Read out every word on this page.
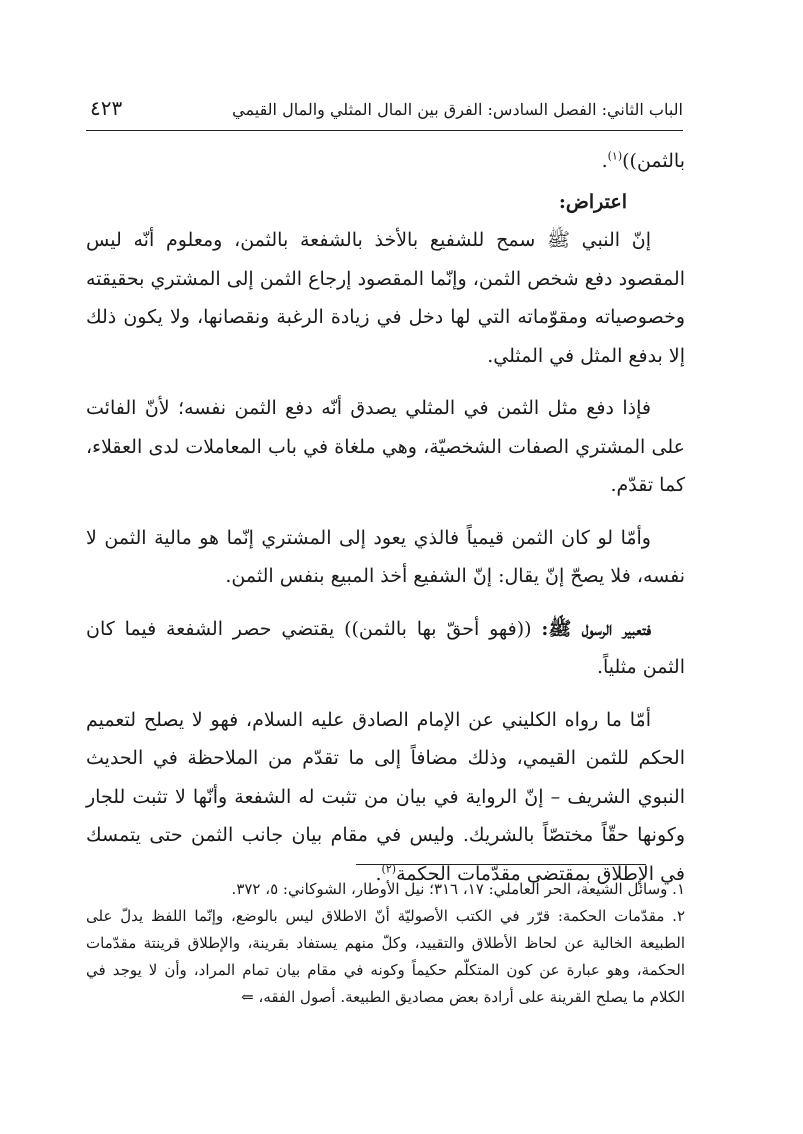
الباب الثاني: الفصل السادس: الفرق بين المال المثلي والمال القيمي
٤٢٣

بالثمن))$^{(١)}$.

اعتراض:

إنّ النبي ﷺ سمح للشفيع بالأخذ بالشفعة بالثمن، ومعلوم أنّه ليس المقصود دفع شخص الثمن، وإنّما المقصود إرجاع الثمن إلى المشتري بحقيقته وخصوصياته ومقوّماته التي لها دخل في زيادة الرغبة ونقصانها، ولا يكون ذلك إلا بدفع المثل في المثلي.

فإذا دفع مثل الثمن في المثلي يصدق أنّه دفع الثمن نفسه؛ لأنّ الفائت على المشتري الصفات الشخصيّة، وهي ملغاة في باب المعاملات لدى العقلاء، كما تقدّم.

وأمّا لو كان الثمن قيمياً فالذي يعود إلى المشتري إنّما هو مالية الثمن لا نفسه، فلا يصحّ إنّ يقال: إنّ الشفيع أخذ المبيع بنفس الثمن.

فتعبير الرسول ﷺ: ((فهو أحقّ بها بالثمن)) يقتضي حصر الشفعة فيما كان الثمن مثلياً.

أمّا ما رواه الكليني عن الإمام الصادق عليه السلام، فهو لا يصلح لتعميم الحكم للثمن القيمي، وذلك مضافاً إلى ما تقدّم من الملاحظة في الحديث النبوي الشريف – إنّ الرواية في بيان من تثبت له الشفعة وأنّها لا تثبت للجار وكونها حقّاً مختصّاً بالشريك. وليس في مقام بيان جانب الثمن حتى يتمسك في الإطلاق بمقتضى مقدّمات الحكمة$^{(٢)}$.

١. وسائل الشيعة، الحر العاملي: ١٧، ٣١٦؛ نيل الأوطار، الشوكاني: ٥، ٣٧٢.

٢. مقدّمات الحكمة: قرّر في الكتب الأصوليّة أنّ الاطلاق ليس بالوضع، وإنّما اللفظ يدلّ على الطبيعة الخالية عن لحاظ الأطلاق والتقييد، وكلّ منهم يستفاد بقرينة، والإطلاق قرينتة مقدّمات الحكمة، وهو عبارة عن كون المتكلّم حكيماً وكونه في مقام بيان تمام المراد، وأن لا يوجد في الكلام ما يصلح القرينة على أرادة بعض مصاديق الطبيعة. أصول الفقه، ⇐
